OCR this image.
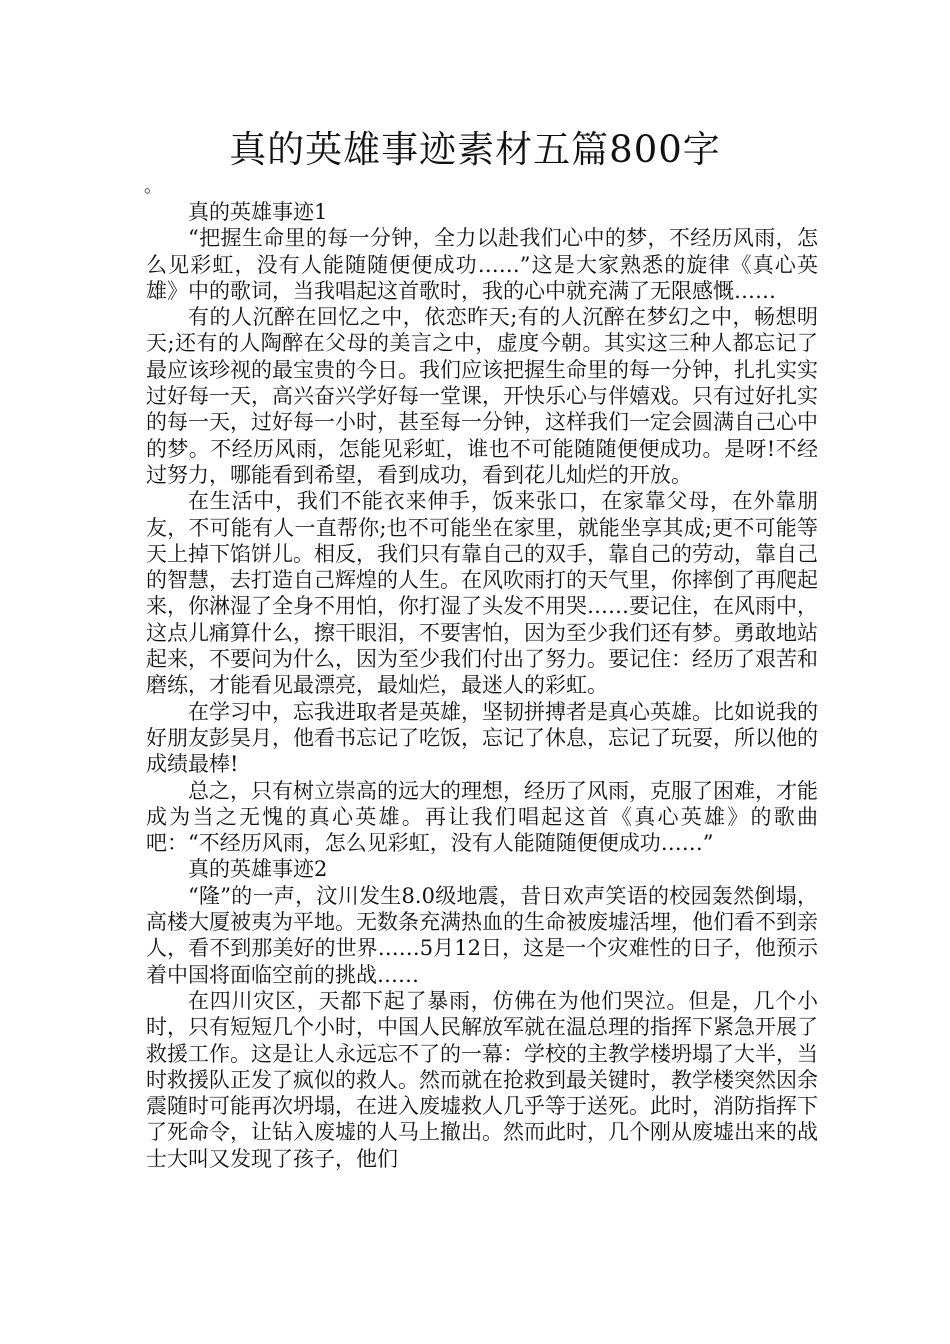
真的英雄事迹素材五篇800字
。

真的英雄事迹1

“把握生命里的每一分钟，全力以赴我们心中的梦，不经历风雨，怎么见彩虹，没有人能随随便便成功……”这是大家熟悉的旋律《真心英雄》中的歌词，当我唱起这首歌时，我的心中就充满了无限感慨……

有的人沉醉在回忆之中，依恋昨天;有的人沉醉在梦幻之中，畅想明天;还有的人陶醉在父母的美言之中，虚度今朝。其实这三种人都忘记了最应该珍视的最宝贵的今日。我们应该把握生命里的每一分钟，扎扎实实过好每一天，高兴奋兴学好每一堂课，开快乐心与伴嬉戏。只有过好扎实的每一天，过好每一小时，甚至每一分钟，这样我们一定会圆满自己心中的梦。不经历风雨，怎能见彩虹，谁也不可能随随便便成功。是呀!不经过努力，哪能看到希望，看到成功，看到花儿灿烂的开放。

在生活中，我们不能衣来伸手，饭来张口，在家靠父母，在外靠朋友，不可能有人一直帮你;也不可能坐在家里，就能坐享其成;更不可能等天上掉下馅饼儿。相反，我们只有靠自己的双手，靠自己的劳动，靠自己的智慧，去打造自己辉煌的人生。在风吹雨打的天气里，你摔倒了再爬起来，你淋湿了全身不用怕，你打湿了头发不用哭……要记住，在风雨中，这点儿痛算什么，擦干眼泪，不要害怕，因为至少我们还有梦。勇敢地站起来，不要问为什么，因为至少我们付出了努力。要记住：经历了艰苦和磨练，才能看见最漂亮，最灿烂，最迷人的彩虹。

在学习中，忘我进取者是英雄，坚韧拼搏者是真心英雄。比如说我的好朋友彭昊月，他看书忘记了吃饭，忘记了休息，忘记了玩耍，所以他的成绩最棒!

总之，只有树立崇高的远大的理想，经历了风雨，克服了困难，才能成为当之无愧的真心英雄。再让我们唱起这首《真心英雄》的歌曲吧：“不经历风雨，怎么见彩虹，没有人能随随便便成功……”

真的英雄事迹2

“隆”的一声，汶川发生8.0级地震，昔日欢声笑语的校园轰然倒塌，高楼大厦被夷为平地。无数条充满热血的生命被废墟活埋，他们看不到亲人，看不到那美好的世界……5月12日，这是一个灾难性的日子，他预示着中国将面临空前的挑战……

在四川灾区，天都下起了暴雨，仿佛在为他们哭泣。但是，几个小时，只有短短几个小时，中国人民解放军就在温总理的指挥下紧急开展了救援工作。这是让人永远忘不了的一幕：学校的主教学楼坍塌了大半，当时救援队正发了疯似的救人。然而就在抢救到最关键时，教学楼突然因余震随时可能再次坍塌，在进入废墟救人几乎等于送死。此时，消防指挥下了死命令，让钻入废墟的人马上撤出。然而此时，几个刚从废墟出来的战士大叫又发现了孩子，他们
